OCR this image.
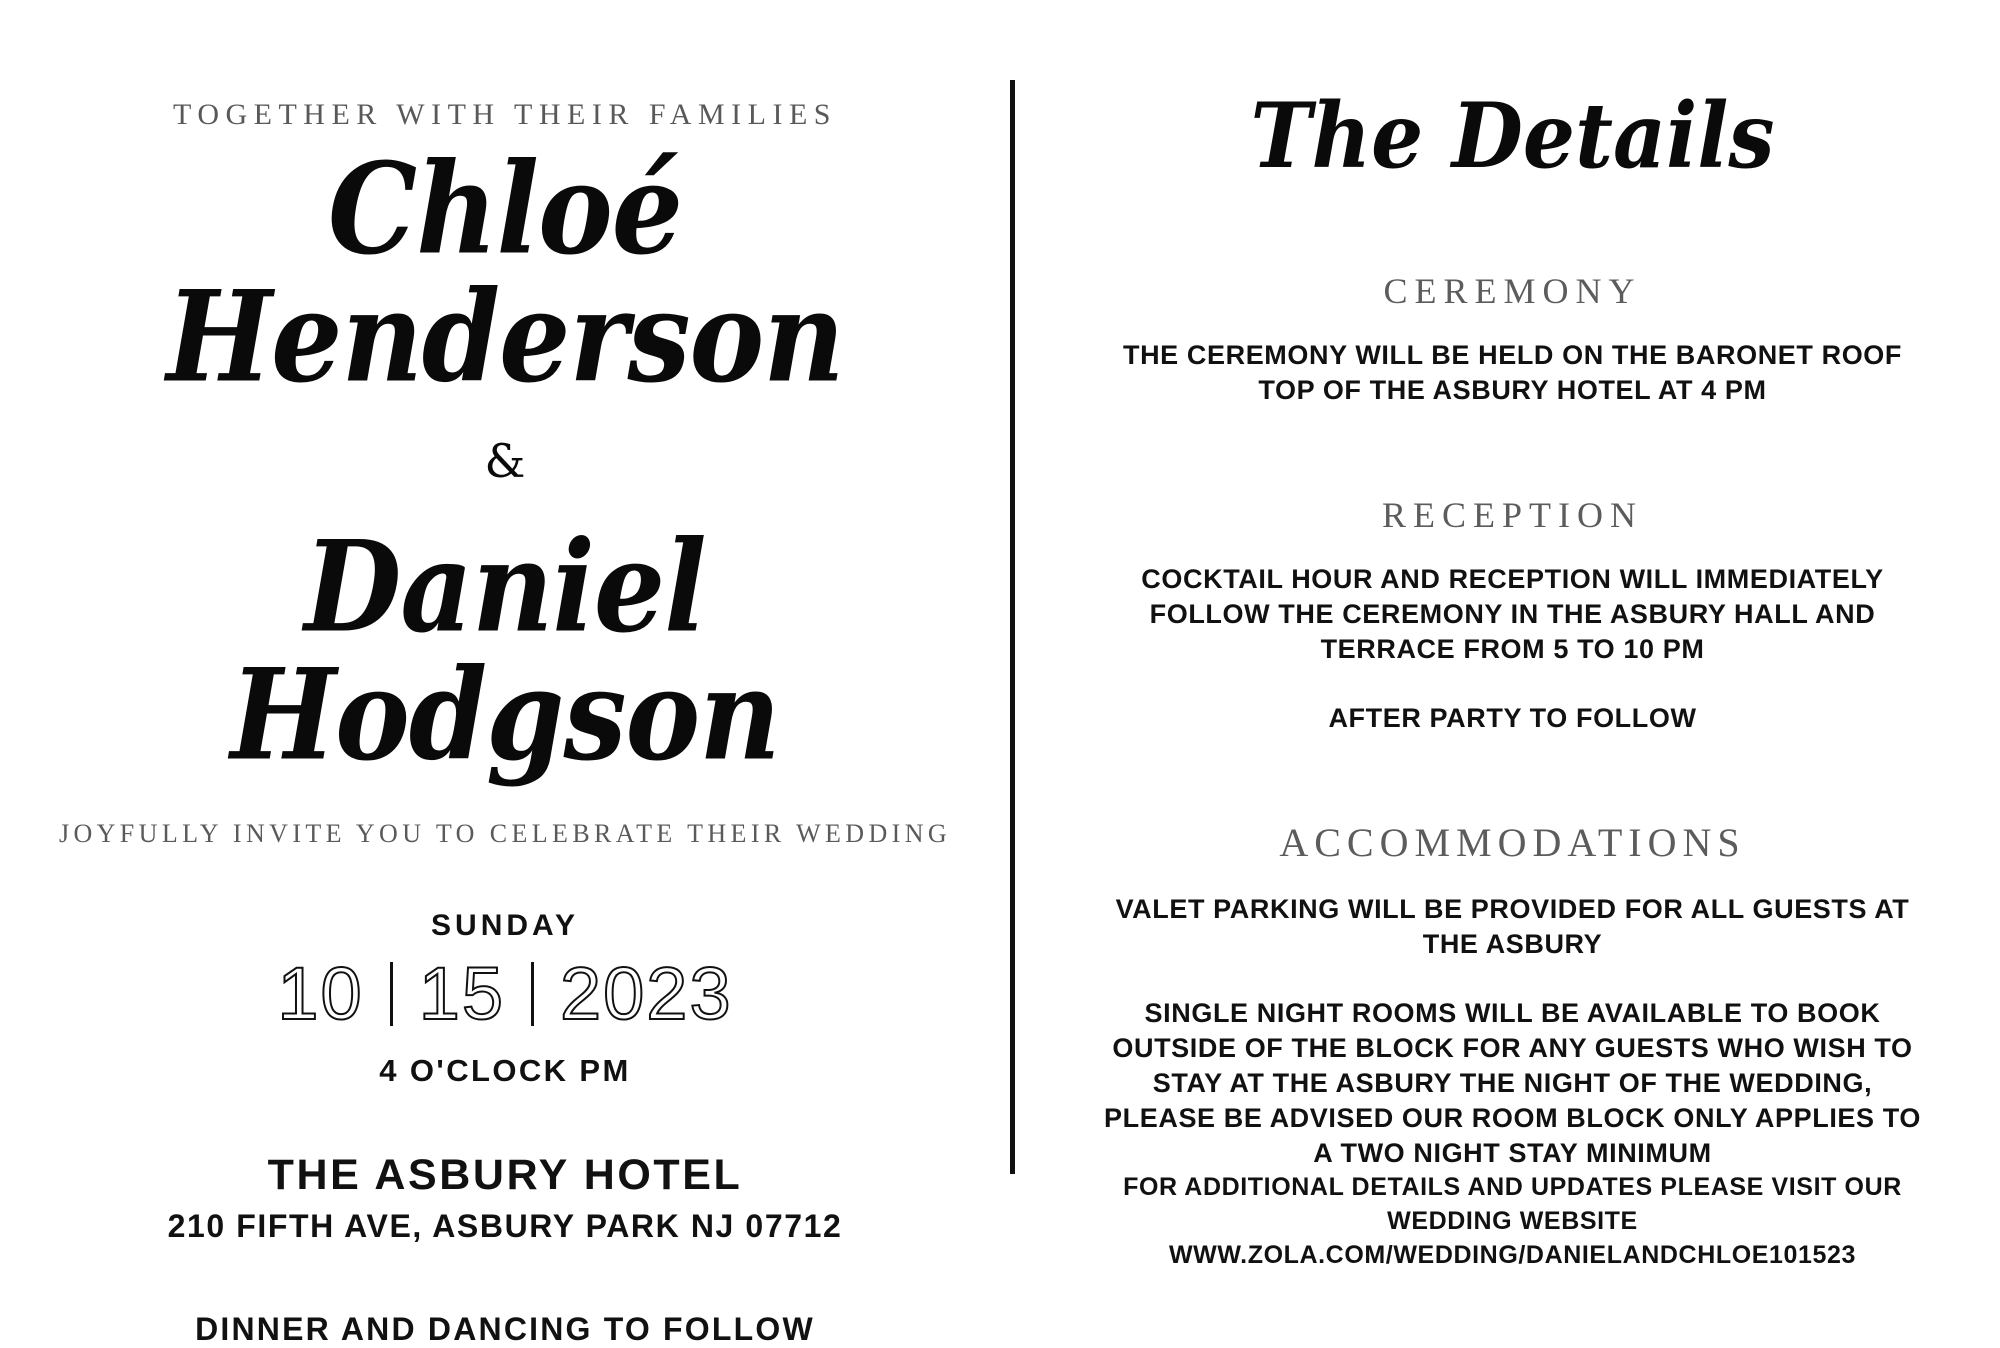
TOGETHER WITH THEIR FAMILIES
Chloé Henderson
&
Daniel Hodgson
JOYFULLY INVITE YOU TO CELEBRATE THEIR WEDDING
SUNDAY
10 15 2023
4 O'CLOCK PM
THE ASBURY HOTEL
210 FIFTH AVE, ASBURY PARK NJ 07712
DINNER AND DANCING TO FOLLOW
The Details
CEREMONY
THE CEREMONY WILL BE HELD ON THE BARONET ROOF TOP OF THE ASBURY HOTEL AT 4 PM
RECEPTION
COCKTAIL HOUR AND RECEPTION WILL IMMEDIATELY FOLLOW THE CEREMONY IN THE ASBURY HALL AND TERRACE FROM 5 TO 10 PM
AFTER PARTY TO FOLLOW
ACCOMMODATIONS
VALET PARKING WILL BE PROVIDED FOR ALL GUESTS AT THE ASBURY
SINGLE NIGHT ROOMS WILL BE AVAILABLE TO BOOK OUTSIDE OF THE BLOCK FOR ANY GUESTS WHO WISH TO STAY AT THE ASBURY THE NIGHT OF THE WEDDING, PLEASE BE ADVISED OUR ROOM BLOCK ONLY APPLIES TO A TWO NIGHT STAY MINIMUM
FOR ADDITIONAL DETAILS AND UPDATES PLEASE VISIT OUR WEDDING WEBSITE
WWW.ZOLA.COM/WEDDING/DANIELANDCHLOE101523
